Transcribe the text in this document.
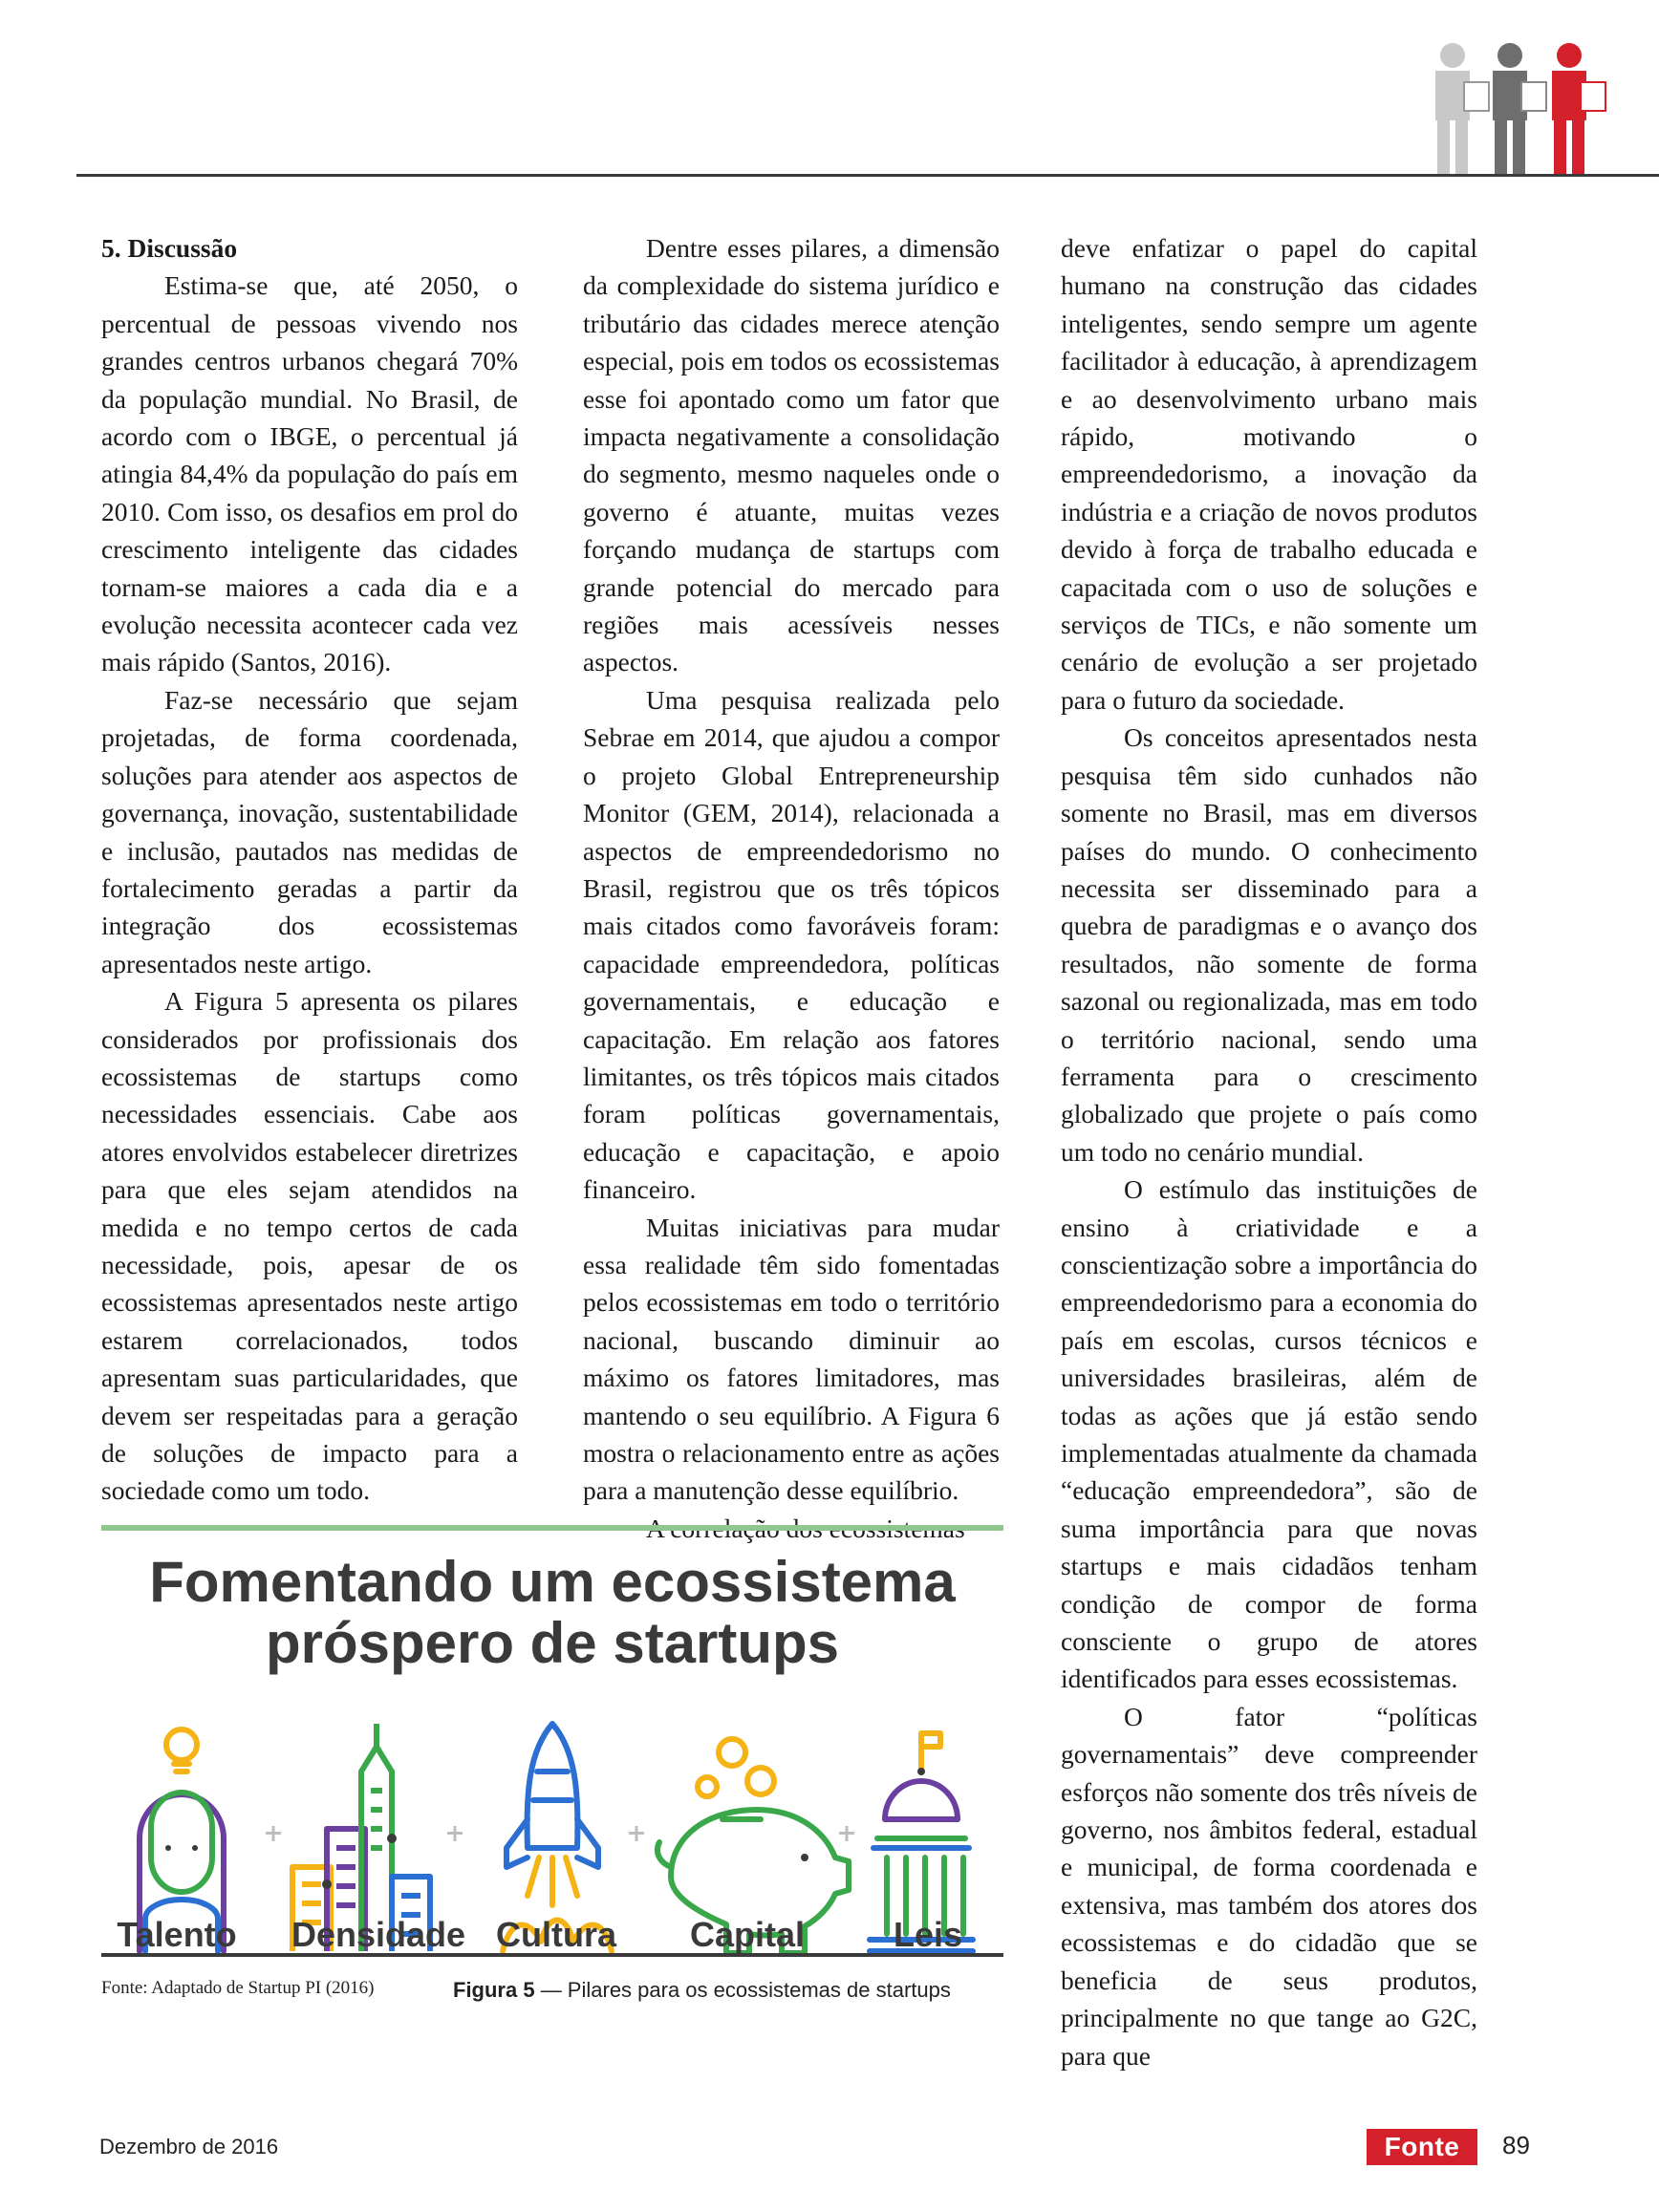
5. Discussão

Estima-se que, até 2050, o percentual de pessoas vivendo nos grandes centros urbanos chegará 70% da população mundial. No Brasil, de acordo com o IBGE, o percentual já atingia 84,4% da população do país em 2010. Com isso, os desafios em prol do crescimento inteligente das cidades tornam-se maiores a cada dia e a evolução necessita acontecer cada vez mais rápido (Santos, 2016).

Faz-se necessário que sejam projetadas, de forma coordenada, soluções para atender aos aspectos de governança, inovação, sustentabilidade e inclusão, pautados nas medidas de fortalecimento geradas a partir da integração dos ecossistemas apresentados neste artigo.

A Figura 5 apresenta os pilares considerados por profissionais dos ecossistemas de startups como necessidades essenciais. Cabe aos atores envolvidos estabelecer diretrizes para que eles sejam atendidos na medida e no tempo certos de cada necessidade, pois, apesar de os ecossistemas apresentados neste artigo estarem correlacionados, todos apresentam suas particularidades, que devem ser respeitadas para a geração de soluções de impacto para a sociedade como um todo.

Dentre esses pilares, a dimensão da complexidade do sistema jurídico e tributário das cidades merece atenção especial, pois em todos os ecossistemas esse foi apontado como um fator que impacta negativamente a consolidação do segmento, mesmo naqueles onde o governo é atuante, muitas vezes forçando mudança de startups com grande potencial do mercado para regiões mais acessíveis nesses aspectos.

Uma pesquisa realizada pelo Sebrae em 2014, que ajudou a compor o projeto Global Entrepreneurship Monitor (GEM, 2014), relacionada a aspectos de empreendedorismo no Brasil, registrou que os três tópicos mais citados como favoráveis foram: capacidade empreendedora, políticas governamentais, e educação e capacitação. Em relação aos fatores limitantes, os três tópicos mais citados foram políticas governamentais, educação e capacitação, e apoio financeiro.

Muitas iniciativas para mudar essa realidade têm sido fomentadas pelos ecossistemas em todo o território nacional, buscando diminuir ao máximo os fatores limitadores, mas mantendo o seu equilíbrio. A Figura 6 mostra o relacionamento entre as ações para a manutenção desse equilíbrio.

deve enfatizar o papel do capital humano na construção das cidades inteligentes, sendo sempre um agente facilitador à educação, à aprendizagem e ao desenvolvimento urbano mais rápido, motivando o empreendedorismo, a inovação da indústria e a criação de novos produtos devido à força de trabalho educada e capacitada com o uso de soluções e serviços de TICs, e não somente um cenário de evolução a ser projetado para o futuro da sociedade.

Os conceitos apresentados nesta pesquisa têm sido cunhados não somente no Brasil, mas em diversos países do mundo. O conhecimento necessita ser disseminado para a quebra de paradigmas e o avanço dos resultados, não somente de forma sazonal ou regionalizada, mas em todo o território nacional, sendo uma ferramenta para o crescimento globalizado que projete o país como um todo no cenário mundial.

O estímulo das instituições de ensino à criatividade e a conscientização sobre a importância do empreendedorismo para a economia do país em escolas, cursos técnicos e universidades brasileiras, além de todas as ações que já estão sendo implementadas atualmente da chamada “educação empreendedora”, são de suma importância para que novas startups e mais cidadãos tenham condição de compor de forma consciente o grupo de atores identificados para esses ecossistemas.

O fator “políticas governamentais” deve compreender esforços não somente dos três níveis de governo, nos âmbitos federal, estadual e municipal, de forma coordenada e extensiva, mas também dos atores dos ecossistemas e do cidadão que se beneficia de seus produtos, principalmente no que tange ao G2C, para que

Fomentando um ecossistema
próspero de startups
Talento	Densidade Cultura	Capital	Leis
Fonte: Adaptado de Startup PI (2016)	Figura 5 — Pilares para os ecossistemas de startups
Dezembro de 2016	Fonte	89
